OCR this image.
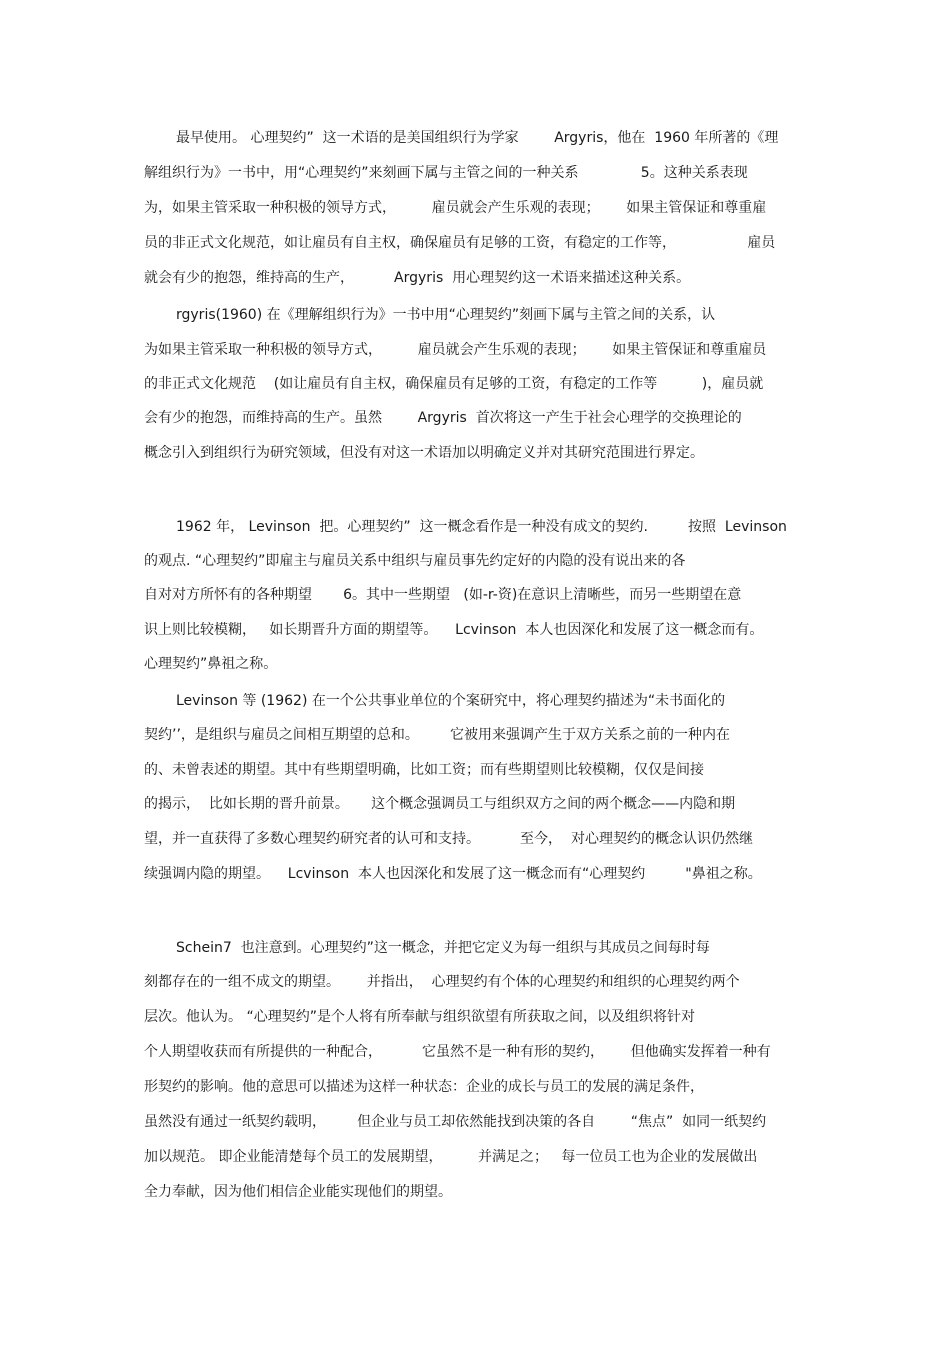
最早使用。 心理契约”  这一术语的是美国组织行为学家        Argyris，他在  1960 年所著的《理
解组织行为》一书中，用“心理契约”来刻画下属与主管之间的一种关系              5。这种关系表现
为，如果主管采取一种积极的领导方式，        雇员就会产生乐观的表现；      如果主管保证和尊重雇
员的非正式文化规范，如让雇员有自主权，确保雇员有足够的工资，有稳定的工作等，                雇员
就会有少的抱怨，维持高的生产，         Argyris  用心理契约这一术语来描述这种关系。
rgyris(1960) 在《理解组织行为》一书中用“心理契约”刻画下属与主管之间的关系，认
为如果主管采取一种积极的领导方式，        雇员就会产生乐观的表现；      如果主管保证和尊重雇员
的非正式文化规范    (如让雇员有自主权，确保雇员有足够的工资，有稳定的工作等          )，雇员就
会有少的抱怨，而维持高的生产。虽然        Argyris  首次将这一产生于社会心理学的交换理论的
概念引入到组织行为研究领域，但没有对这一术语加以明确定义并对其研究范围进行界定。
1962 年， Levinson  把。心理契约”  这一概念看作是一种没有成文的契约.         按照  Levinson
的观点. “心理契约”即雇主与雇员关系中组织与雇员事先约定好的内隐的没有说出来的各
自对对方所怀有的各种期望       6。其中一些期望   (如-r-资)在意识上清晰些，而另一些期望在意
识上则比较模糊，   如长期晋升方面的期望等。    Lcvinson  本人也因深化和发展了这一概念而有。
心理契约”鼻祖之称。
Levinson 等 (1962) 在一个公共事业单位的个案研究中，将心理契约描述为“未书面化的
契约’’，是组织与雇员之间相互期望的总和。       它被用来强调产生于双方关系之前的一种内在
的、未曾表述的期望。其中有些期望明确，比如工资；而有些期望则比较模糊，仅仅是间接
的揭示，  比如长期的晋升前景。     这个概念强调员工与组织双方之间的两个概念——内隐和期
望，并一直获得了多数心理契约研究者的认可和支持。         至今，  对心理契约的概念认识仍然继
续强调内隐的期望。    Lcvinson  本人也因深化和发展了这一概念而有“心理契约         "鼻祖之称。
Schein7  也注意到。心理契约”这一概念，并把它定义为每一组织与其成员之间每时每
刻都存在的一组不成文的期望。      并指出，  心理契约有个体的心理契约和组织的心理契约两个
层次。他认为。 “心理契约”是个人将有所奉献与组织欲望有所获取之间，以及组织将针对
个人期望收获而有所提供的一种配合，         它虽然不是一种有形的契约，      但他确实发挥着一种有
形契约的影响。他的意思可以描述为这样一种状态：企业的成长与员工的发展的满足条件，
虽然没有通过一纸契约载明，       但企业与员工却依然能找到决策的各自        “焦点”  如同一纸契约
加以规范。 即企业能清楚每个员工的发展期望，        并满足之；   每一位员工也为企业的发展做出
全力奉献，因为他们相信企业能实现他们的期望。
